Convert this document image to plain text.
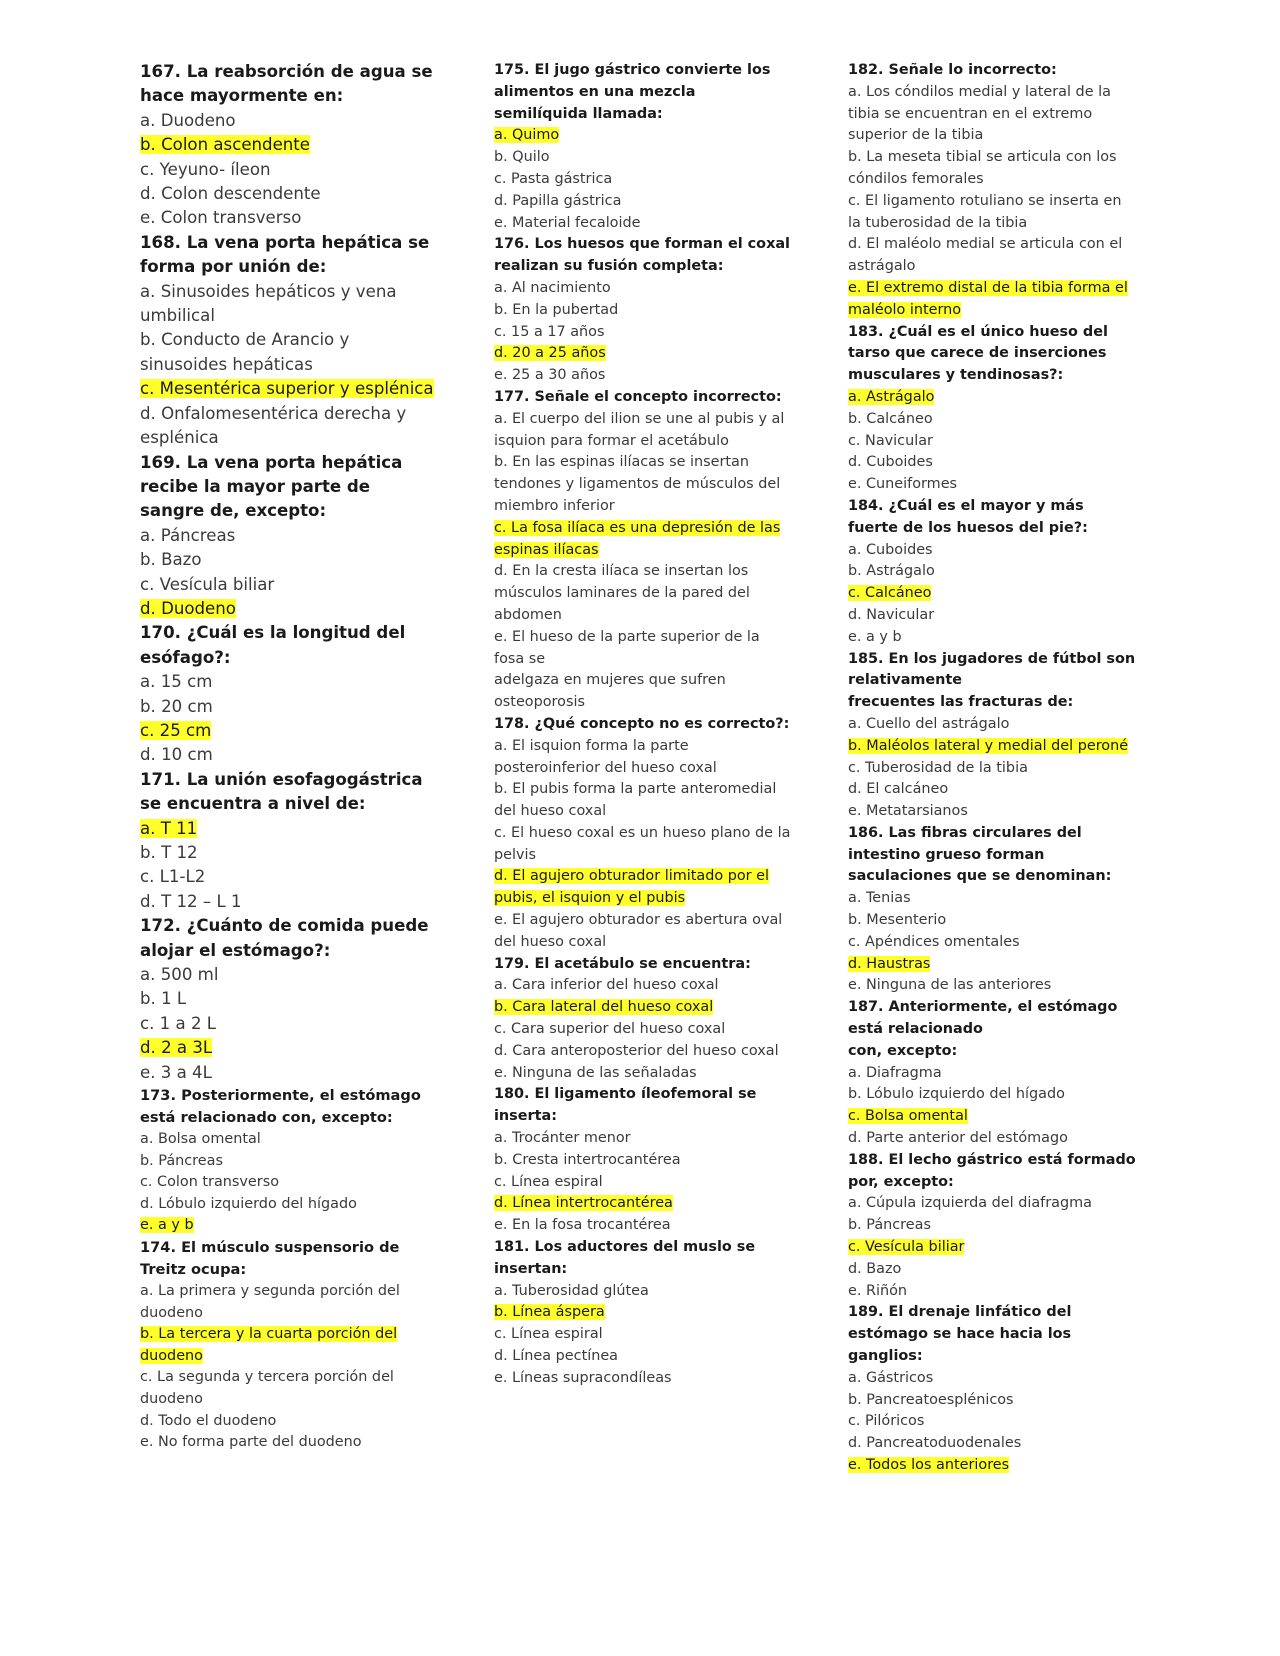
167. La reabsorción de agua se hace mayormente en:
a. Duodeno
b. Colon ascendente
c. Yeyuno- íleon
d. Colon descendente
e. Colon transverso
168. La vena porta hepática se forma por unión de:
a. Sinusoides hepáticos y vena umbilical
b. Conducto de Arancio y sinusoides hepáticas
c. Mesentérica superior y esplénica
d. Onfalomesentérica derecha y esplénica
169. La vena porta hepática recibe la mayor parte de sangre de, excepto:
a. Páncreas
b. Bazo
c. Vesícula biliar
d. Duodeno
170. ¿Cuál es la longitud del esófago?:
a. 15 cm
b. 20 cm
c. 25 cm
d. 10 cm
171. La unión esofagogástrica se encuentra a nivel de:
a. T 11
b. T 12
c. L1-L2
d. T 12 – L 1
172. ¿Cuánto de comida puede alojar el estómago?:
a. 500 ml
b. 1 L
c. 1 a 2 L
d. 2 a 3L
e. 3 a 4L
173. Posteriormente, el estómago está relacionado con, excepto:
a. Bolsa omental
b. Páncreas
c. Colon transverso
d. Lóbulo izquierdo del hígado
e. a y b
174. El músculo suspensorio de Treitz ocupa:
a. La primera y segunda porción del duodeno
b. La tercera y la cuarta porción del duodeno
c. La segunda y tercera porción del duodeno
d. Todo el duodeno
e. No forma parte del duodeno
175. El jugo gástrico convierte los alimentos en una mezcla semilíquida llamada:
a. Quimo
b. Quilo
c. Pasta gástrica
d. Papilla gástrica
e. Material fecaloide
176. Los huesos que forman el coxal realizan su fusión completa:
a. Al nacimiento
b. En la pubertad
c. 15 a 17 años
d. 20 a 25 años
e. 25 a 30 años
177. Señale el concepto incorrecto:
a. El cuerpo del ilion se une al pubis y al isquion para formar el acetábulo
b. En las espinas ilíacas se insertan tendones y ligamentos de músculos del miembro inferior
c. La fosa ilíaca es una depresión de las espinas ilíacas
d. En la cresta ilíaca se insertan los músculos laminares de la pared del abdomen
e. El hueso de la parte superior de la fosa se
adelgaza en mujeres que sufren osteoporosis
178. ¿Qué concepto no es correcto?:
a. El isquion forma la parte posteroinferior del hueso coxal
b. El pubis forma la parte anteromedial del hueso coxal
c. El hueso coxal es un hueso plano de la pelvis
d. El agujero obturador limitado por el pubis, el isquion y el pubis
e. El agujero obturador es abertura oval del hueso coxal
179. El acetábulo se encuentra:
a. Cara inferior del hueso coxal
b. Cara lateral del hueso coxal
c. Cara superior del hueso coxal
d. Cara anteroposterior del hueso coxal
e. Ninguna de las señaladas
180. El ligamento íleofemoral se inserta:
a. Trocánter menor
b. Cresta intertrocantérea
c. Línea espiral
d. Línea intertrocantérea
e. En la fosa trocantérea
181. Los aductores del muslo se insertan:
a. Tuberosidad glútea
b. Línea áspera
c. Línea espiral
d. Línea pectínea
e. Líneas supracondíleas
182. Señale lo incorrecto:
a. Los cóndilos medial y lateral de la tibia se encuentran en el extremo superior de la tibia
b. La meseta tibial se articula con los cóndilos femorales
c. El ligamento rotuliano se inserta en la tuberosidad de la tibia
d. El maléolo medial se articula con el astrágalo
e. El extremo distal de la tibia forma el maléolo interno
183. ¿Cuál es el único hueso del tarso que carece de inserciones musculares y tendinosas?:
a. Astrágalo
b. Calcáneo
c. Navicular
d. Cuboides
e. Cuneiformes
184. ¿Cuál es el mayor y más fuerte de los huesos del pie?:
a. Cuboides
b. Astrágalo
c. Calcáneo
d. Navicular
e. a y b
185. En los jugadores de fútbol son relativamente
frecuentes las fracturas de:
a. Cuello del astrágalo
b. Maléolos lateral y medial del peroné
c. Tuberosidad de la tibia
d. El calcáneo
e. Metatarsianos
186. Las fibras circulares del intestino grueso forman saculaciones que se denominan:
a. Tenias
b. Mesenterio
c. Apéndices omentales
d. Haustras
e. Ninguna de las anteriores
187. Anteriormente, el estómago está relacionado
con, excepto:
a. Diafragma
b. Lóbulo izquierdo del hígado
c. Bolsa omental
d. Parte anterior del estómago
188. El lecho gástrico está formado por, excepto:
a. Cúpula izquierda del diafragma
b. Páncreas
c. Vesícula biliar
d. Bazo
e. Riñón
189. El drenaje linfático del estómago se hace hacia los ganglios:
a. Gástricos
b. Pancreatoesplénicos
c. Pilóricos
d. Pancreatoduodenales
e. Todos los anteriores
